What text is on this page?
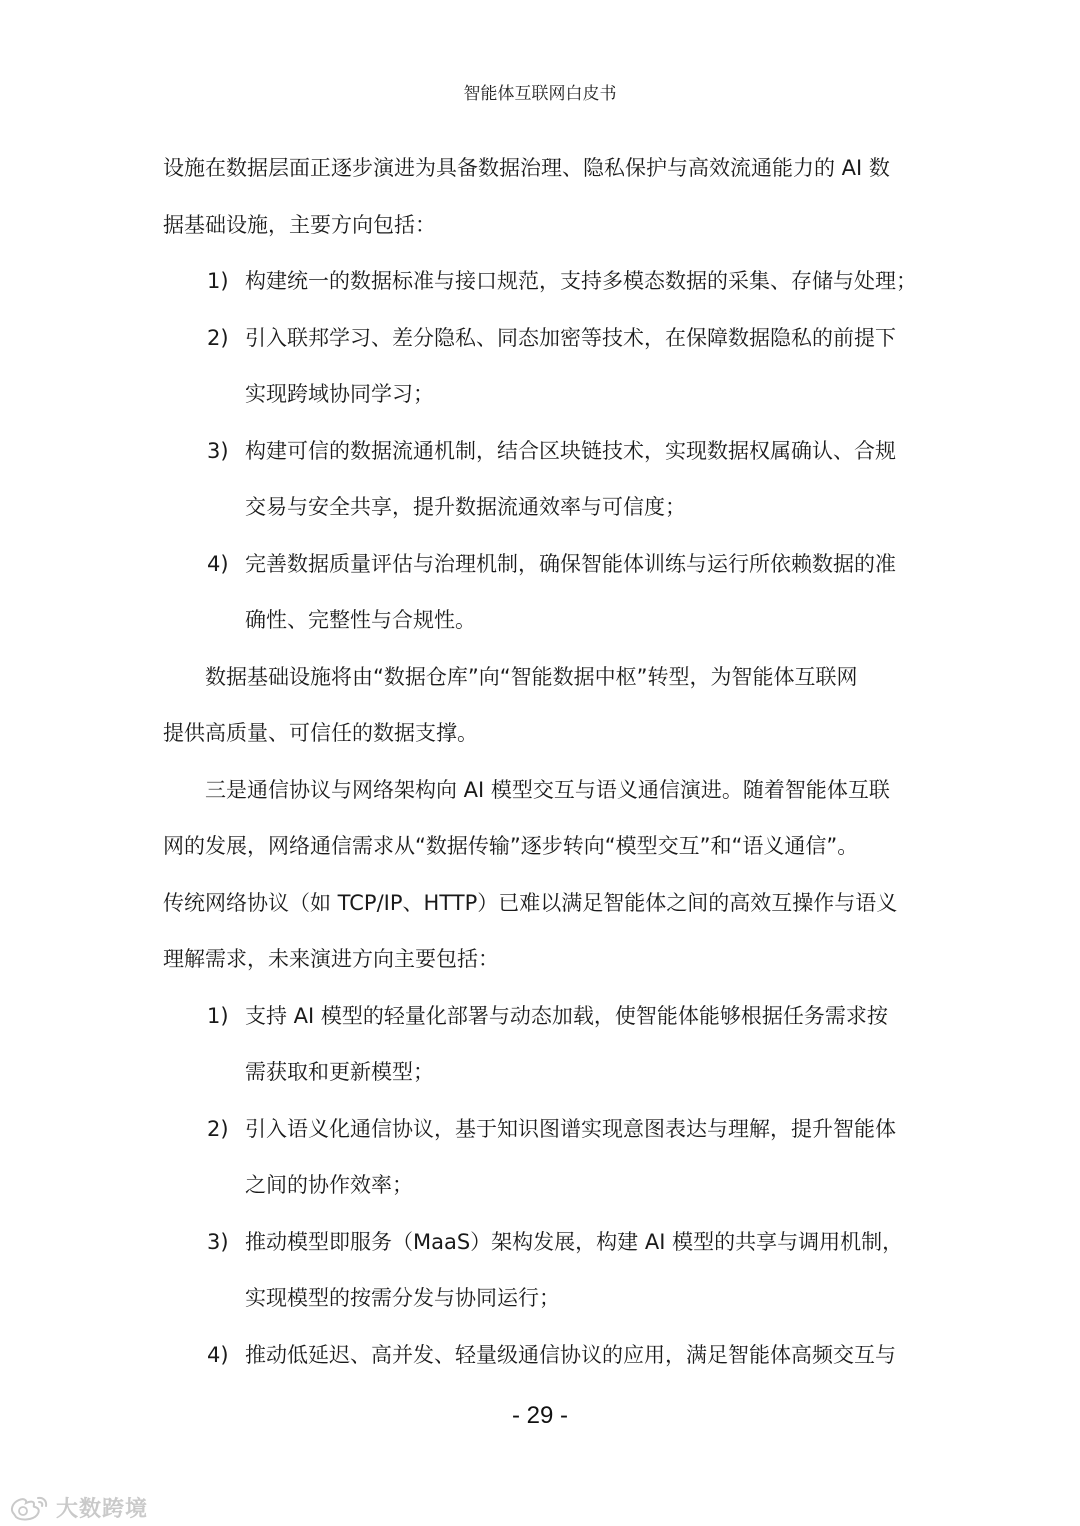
智能体互联网白皮书

设施在数据层面正逐步演进为具备数据治理、隐私保护与高效流通能力的 AI 数

据基础设施，主要方向包括：

1) 构建统一的数据标准与接口规范，支持多模态数据的采集、存储与处理；

2) 引入联邦学习、差分隐私、同态加密等技术，在保障数据隐私的前提下

实现跨域协同学习；

3) 构建可信的数据流通机制，结合区块链技术，实现数据权属确认、合规

交易与安全共享，提升数据流通效率与可信度；

4) 完善数据质量评估与治理机制，确保智能体训练与运行所依赖数据的准

确性、完整性与合规性。

　　数据基础设施将由“数据仓库”向“智能数据中枢”转型，为智能体互联网

提供高质量、可信任的数据支撑。

　　三是通信协议与网络架构向 AI 模型交互与语义通信演进。随着智能体互联

网的发展，网络通信需求从“数据传输”逐步转向“模型交互”和“语义通信”。

传统网络协议（如 TCP/IP、HTTP）已难以满足智能体之间的高效互操作与语义

理解需求，未来演进方向主要包括：

1) 支持 AI 模型的轻量化部署与动态加载，使智能体能够根据任务需求按

需获取和更新模型；

2) 引入语义化通信协议，基于知识图谱实现意图表达与理解，提升智能体

之间的协作效率；

3) 推动模型即服务（MaaS）架构发展，构建 AI 模型的共享与调用机制，

实现模型的按需分发与协同运行；

4) 推动低延迟、高并发、轻量级通信协议的应用，满足智能体高频交互与

- 29 -
大数跨境
